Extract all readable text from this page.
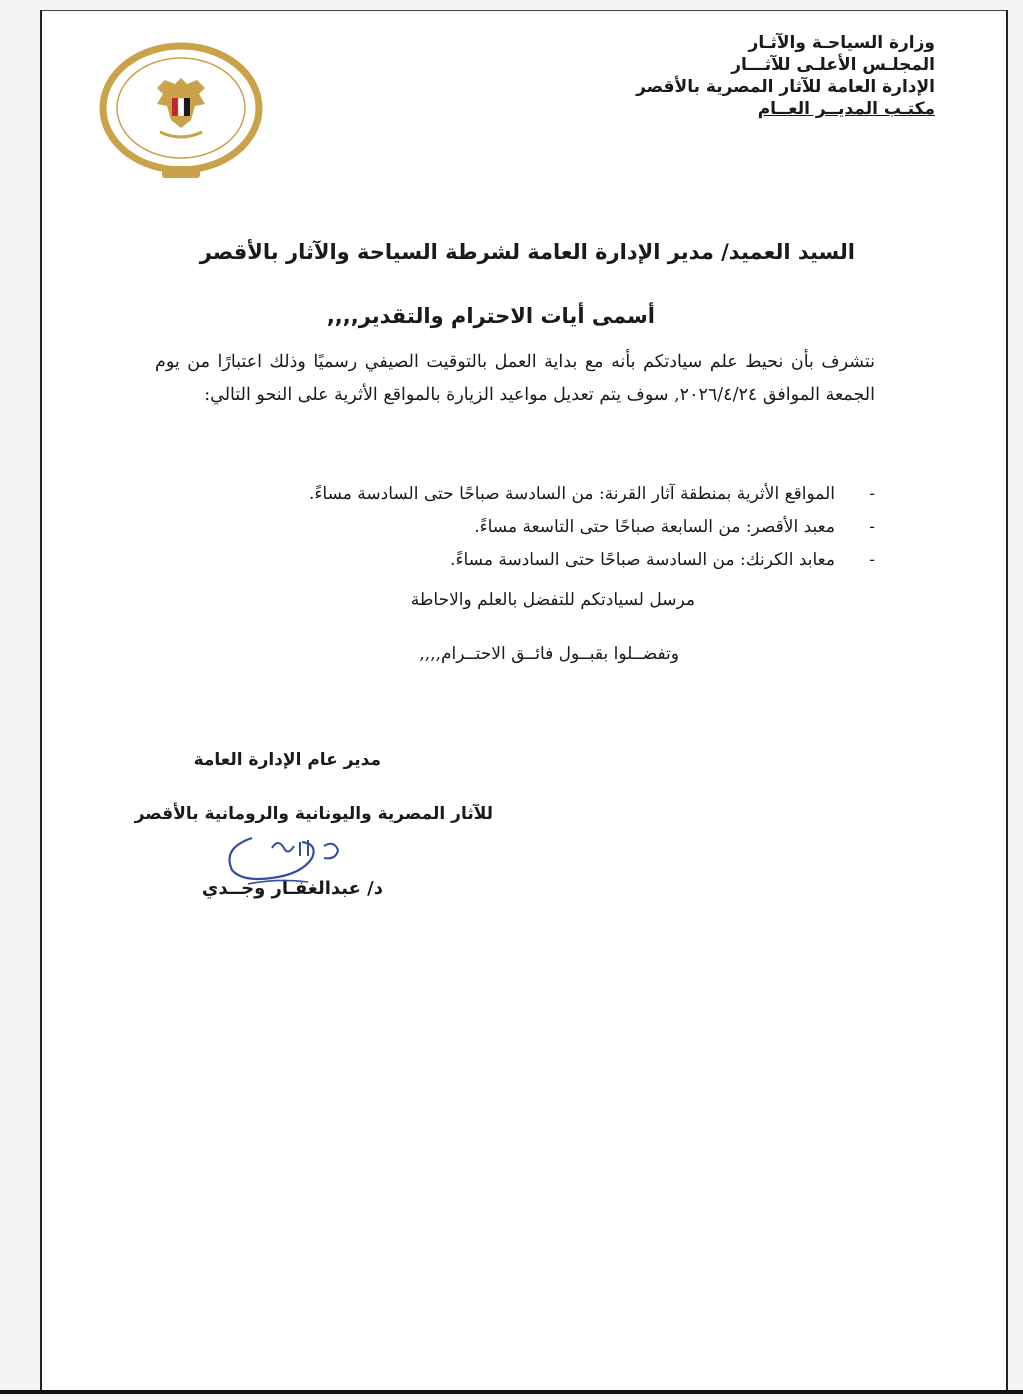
وزارة السياحـة والآثـار
المجلـس الأعلـى للآثـــار
الإدارة العامة للآثار المصرية بالأقصر
مكتـب المديــر العــام
السيد العميد/ مدير الإدارة العامة لشرطة السياحة والآثار بالأقصر
أسمى أيات الاحترام والتقدير,,,,

نتشرف بأن نحيط علم سيادتكم بأنه مع بداية العمل بالتوقيت الصيفي رسميًا وذلك اعتبارًا من يوم الجمعة الموافق ٢٠٢٦/٤/٢٤, سوف يتم تعديل مواعيد الزيارة بالمواقع الأثرية على النحو التالي:

-المواقع الأثرية بمنطقة آثار القرنة: من السادسة صباحًا حتى السادسة مساءً.
-معبد الأقصر: من السابعة صباحًا حتى التاسعة مساءً.
-معابد الكرنك: من السادسة صباحًا حتى السادسة مساءً.
مرسل لسيادتكم للتفضل بالعلم والاحاطة
وتفضــلوا بقبــول فائــق الاحتــرام,,,,
مدير عام الإدارة العامة
للآثار المصرية واليونانية والرومانية بالأقصر
د/ عبدالغفـار وجــدي
